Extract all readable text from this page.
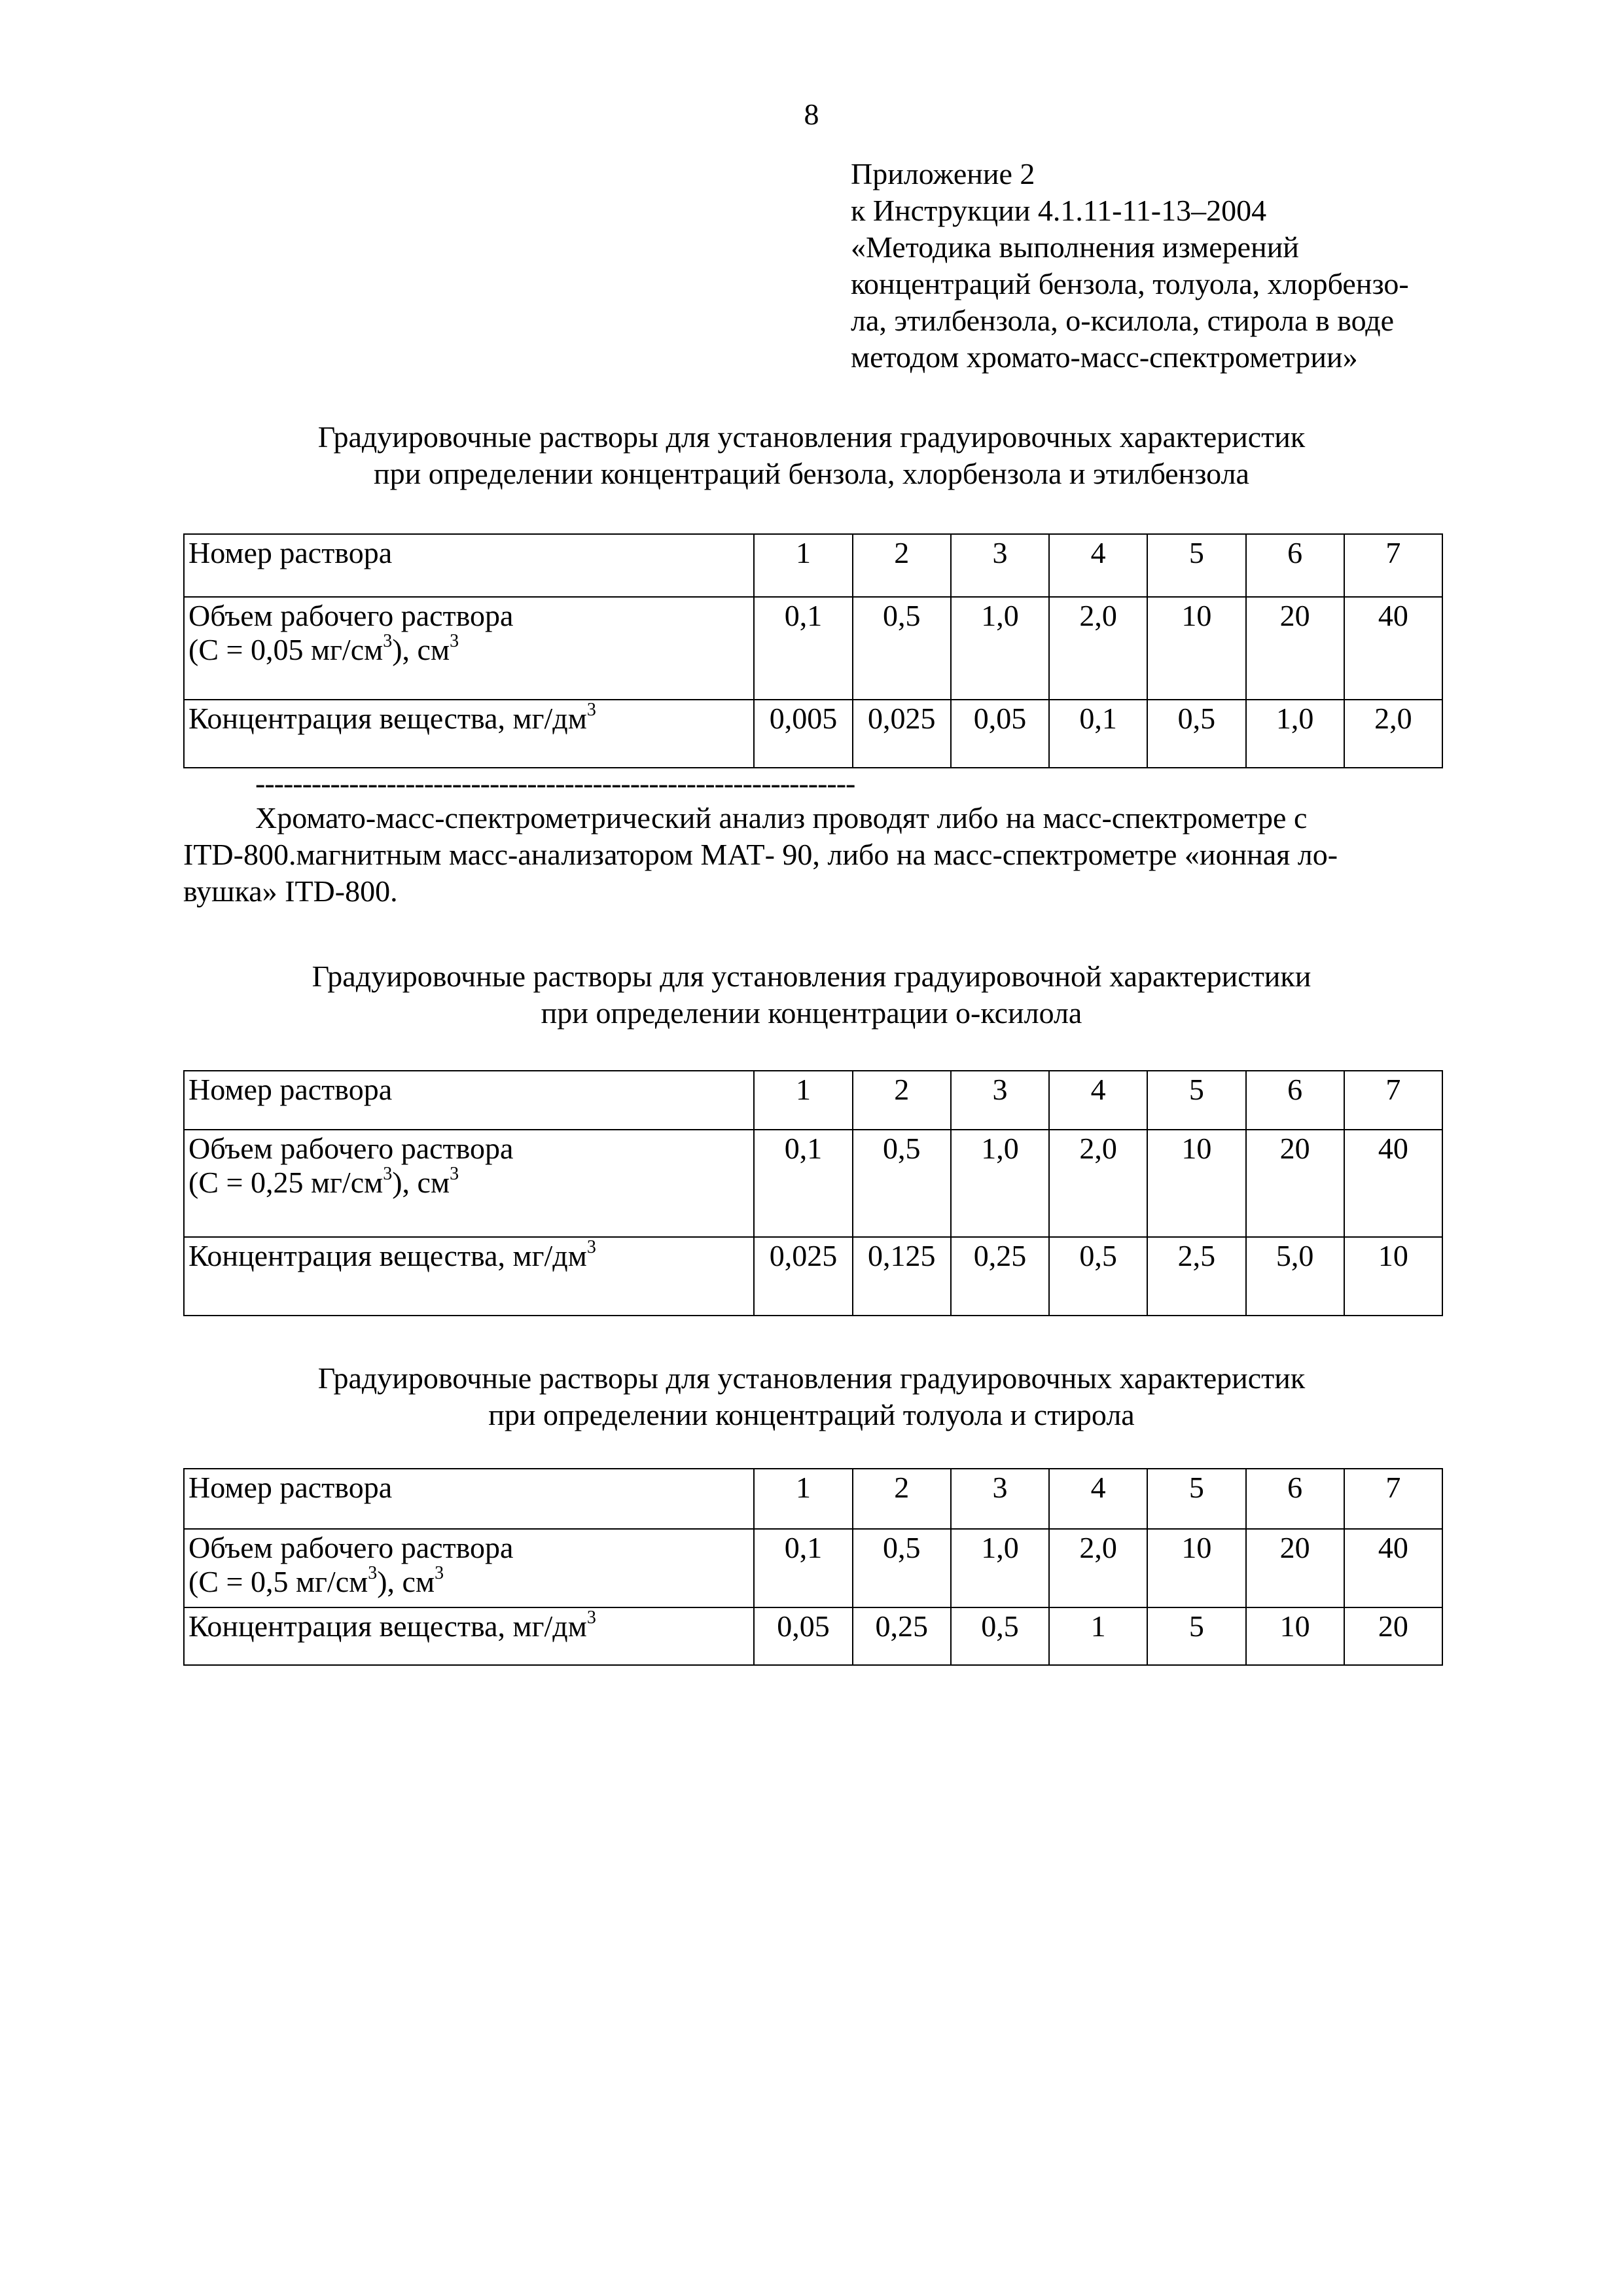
8
Приложение 2
к Инструкции 4.1.11-11-13–2004
«Методика выполнения измерений
концентраций бензола, толуола, хлорбензо-
ла, этилбензола, о-ксилола, стирола в воде
методом хромато-масс-спектрометрии»
Градуировочные растворы для установления градуировочных характеристик
при определении концентраций бензола, хлорбензола и этилбензола
Номер раствора	1	2	3	4	5	6	7

Объем рабочего раствора
(С = 0,05 $мг/см^3$), $см^3$	0,1	0,5	1,0	2,0	10	20	40
Концентрация вещества, $мг/дм^3$	0,005	0,025	0,05	0,1	0,5	1,0	2,0
----------------------------------------------------------------
Хромато-масс-спектрометрический анализ проводят либо на масс-спектрометре с
ITD-800.магнитным масс-анализатором МАТ- 90, либо на масс-спектрометре «ионная ло-
вушка» ITD-800.
Градуировочные растворы для установления градуировочной характеристики
при определении концентрации о-ксилола
Номер раствора	1	2	3	4	5	6	7

Объем рабочего раствора
(С = 0,25 $мг/см^3$), $см^3$	0,1	0,5	1,0	2,0	10	20	40
Концентрация вещества, $мг/дм^3$	0,025	0,125	0,25	0,5	2,5	5,0	10
Градуировочные растворы для установления градуировочных характеристик
при определении концентраций толуола и стирола
Номер раствора	1	2	3	4	5	6	7

Объем рабочего раствора
(С = 0,5 $мг/см^3$), $см^3$	0,1	0,5	1,0	2,0	10	20	40
Концентрация вещества, $мг/дм^3$	0,05	0,25	0,5	1	5	10	20
